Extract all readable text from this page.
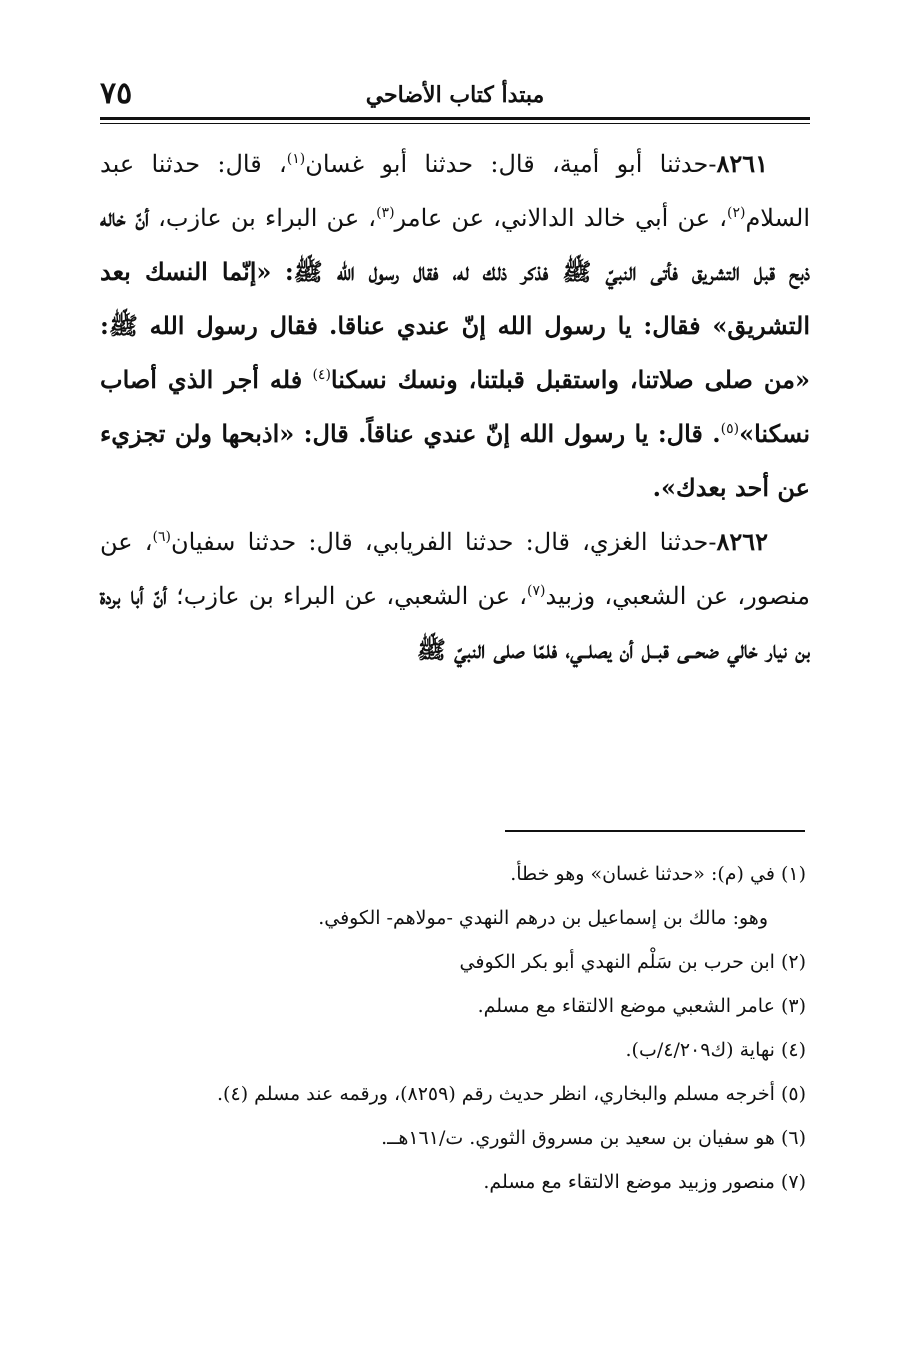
٧٥	مبتدأ كتاب الأضاحي

٨٢٦١-حدثنا أبو أمية، قال: حدثنا أبو غسان$^{(١)}$، قال: حدثنا عبد السلام$^{(٢)}$، عن أبي خالد الدالاني، عن عامر$^{(٣)}$، عن البراء بن عازب، أنّ خاله ذبح قبل التشريق فأتى النبيّ ﷺ فذكر ذلك له، فقال رسول الله ﷺ: «إنّما النسك بعد التشريق» فقال: يا رسول الله إنّ عندي عناقا. فقال رسول الله ﷺ: «من صلى صلاتنا، واستقبل قبلتنا، ونسك نسكنا$^{(٤)}$ فله أجر الذي أصاب نسكنا»$^{(٥)}$. قال: يا رسول الله إنّ عندي عناقاً. قال: «اذبحها ولن تجزيء عن أحد بعدك».

٨٢٦٢-حدثنا الغزي، قال: حدثنا الفريابي، قال: حدثنا سفيان$^{(٦)}$، عن منصور، عن الشعبي، وزبيد$^{(٧)}$، عن الشعبي، عن البراء بن عازب؛ أنّ أبا بردة بن نيار خالي ضحــى قبــل أن يصلــي، فلمّا صلى النبيّ ﷺ

(١) في (م): «حدثنا غسان» وهو خطأ.
وهو: مالك بن إسماعيل بن درهم النهدي -مولاهم- الكوفي.
(٢) ابن حرب بن سَلْم النهدي أبو بكر الكوفي
(٣) عامر الشعبي موضع الالتقاء مع مسلم.
(٤) نهاية (ك٤/٢٠٩/ب).
(٥) أخرجه مسلم والبخاري، انظر حديث رقم (٨٢٥٩)، ورقمه عند مسلم (٤).
(٦) هو سفيان بن سعيد بن مسروق الثوري. ت/١٦١هــ.
(٧) منصور وزبيد موضع الالتقاء مع مسلم.
